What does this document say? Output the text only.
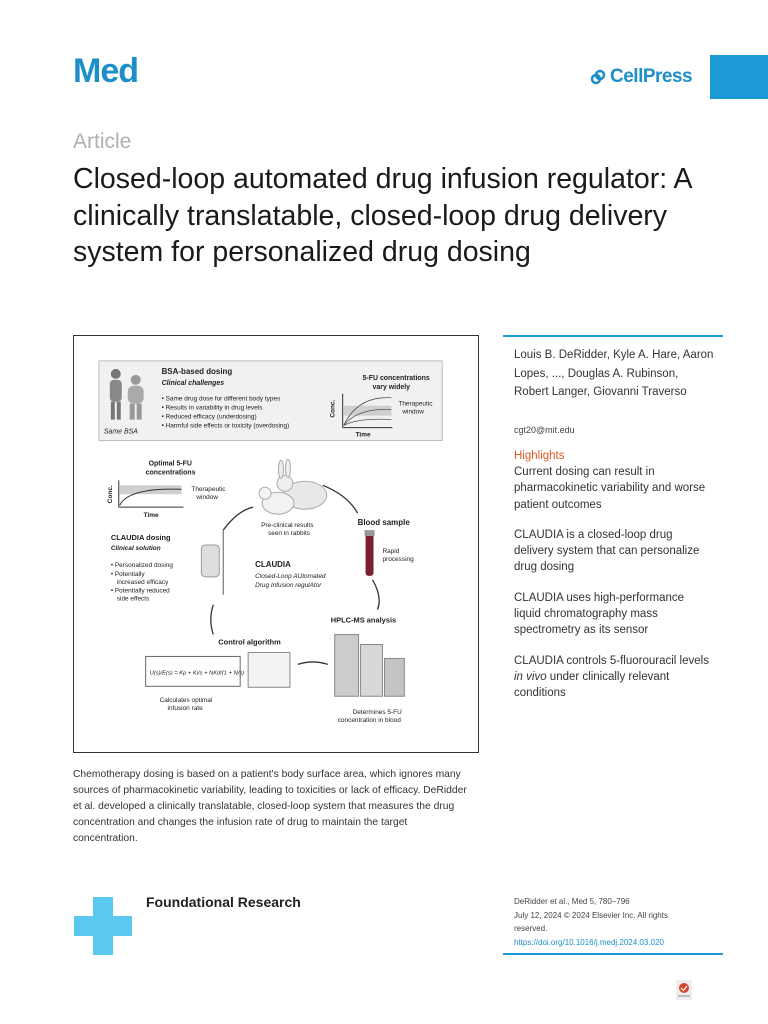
Med	CellPress
Article
Closed-loop automated drug infusion regulator: A clinically translatable, closed-loop drug delivery system for personalized drug dosing
Same BSA
BSA-based dosing
Clinical challenges
• Same drug dose for different body types
• Results in variability in drug levels
• Reduced efficacy (underdosing)
• Harmful side effects or toxicity (overdosing)
5-FU concentrations
vary widely
Conc.
Time
Therapeutic
window
Optimal 5-FU
concentrations
Conc.
Time
Therapeutic
window
Pre-clinical results
seen in rabbits
Blood sample
Rapid
processing
CLAUDIA dosing
Clinical solution
• Personalized dosing
• Potentially
increased efficacy
• Potentially reduced
side effects
CLAUDIA
Closed-Loop AUtomated
Drug Infusion regulAtor
HPLC-MS analysis
Determines 5-FU
concentration in blood
Control algorithm
U(s)/E(s) = Kp + Ki/s + NKd/(1 + N/s)
Calculates optimal
infusion rate
Louis B. DeRidder, Kyle A. Hare, Aaron Lopes, ..., Douglas A. Rubinson, Robert Langer, Giovanni Traverso
cgt20@mit.edu
Highlights

Current dosing can result in pharmacokinetic variability and worse patient outcomes

CLAUDIA is a closed-loop drug delivery system that can personalize drug dosing

CLAUDIA uses high-performance liquid chromatography mass spectrometry as its sensor

CLAUDIA controls 5-fluorouracil levels in vivo under clinically relevant conditions

Chemotherapy dosing is based on a patient's body surface area, which ignores many sources of pharmacokinetic variability, leading to toxicities or lack of efficacy. DeRidder et al. developed a clinically translatable, closed-loop system that measures the drug concentration and changes the infusion rate of drug to maintain the target concentration.
Foundational Research	DeRidder et al., Med 5, 780–796
July 12, 2024 © 2024 Elsevier Inc. All rights reserved.
https://doi.org/10.1016/j.medj.2024.03.020
